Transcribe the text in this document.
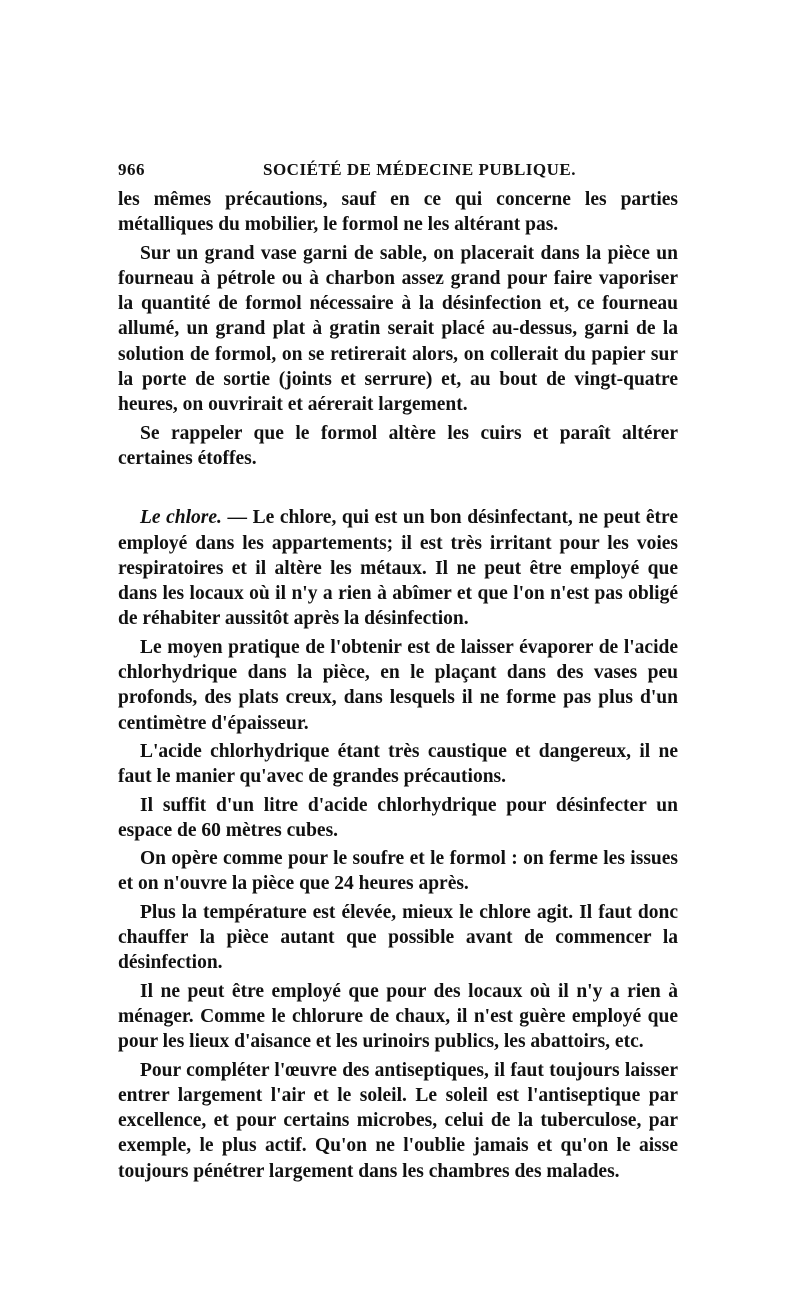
966	SOCIÉTÉ DE MÉDECINE PUBLIQUE.

les mêmes précautions, sauf en ce qui concerne les parties métalliques du mobilier, le formol ne les altérant pas.

Sur un grand vase garni de sable, on placerait dans la pièce un fourneau à pétrole ou à charbon assez grand pour faire vaporiser la quantité de formol nécessaire à la désinfection et, ce fourneau allumé, un grand plat à gratin serait placé au-dessus, garni de la solution de formol, on se retirerait alors, on collerait du papier sur la porte de sortie (joints et serrure) et, au bout de vingt-quatre heures, on ouvrirait et aérerait largement.

Se rappeler que le formol altère les cuirs et paraît altérer certaines étoffes.

Le chlore. — Le chlore, qui est un bon désinfectant, ne peut être employé dans les appartements; il est très irritant pour les voies respiratoires et il altère les métaux. Il ne peut être employé que dans les locaux où il n'y a rien à abîmer et que l'on n'est pas obligé de réhabiter aussitôt après la désinfection.

Le moyen pratique de l'obtenir est de laisser évaporer de l'acide chlorhydrique dans la pièce, en le plaçant dans des vases peu profonds, des plats creux, dans lesquels il ne forme pas plus d'un centimètre d'épaisseur.

L'acide chlorhydrique étant très caustique et dangereux, il ne faut le manier qu'avec de grandes précautions.

Il suffit d'un litre d'acide chlorhydrique pour désinfecter un espace de 60 mètres cubes.

On opère comme pour le soufre et le formol : on ferme les issues et on n'ouvre la pièce que 24 heures après.

Plus la température est élevée, mieux le chlore agit. Il faut donc chauffer la pièce autant que possible avant de commencer la désinfection.

Il ne peut être employé que pour des locaux où il n'y a rien à ménager. Comme le chlorure de chaux, il n'est guère employé que pour les lieux d'aisance et les urinoirs publics, les abattoirs, etc.

Pour compléter l'œuvre des antiseptiques, il faut toujours laisser entrer largement l'air et le soleil. Le soleil est l'antiseptique par excellence, et pour certains microbes, celui de la tuberculose, par exemple, le plus actif. Qu'on ne l'oublie jamais et qu'on le aisse toujours pénétrer largement dans les chambres des malades.
